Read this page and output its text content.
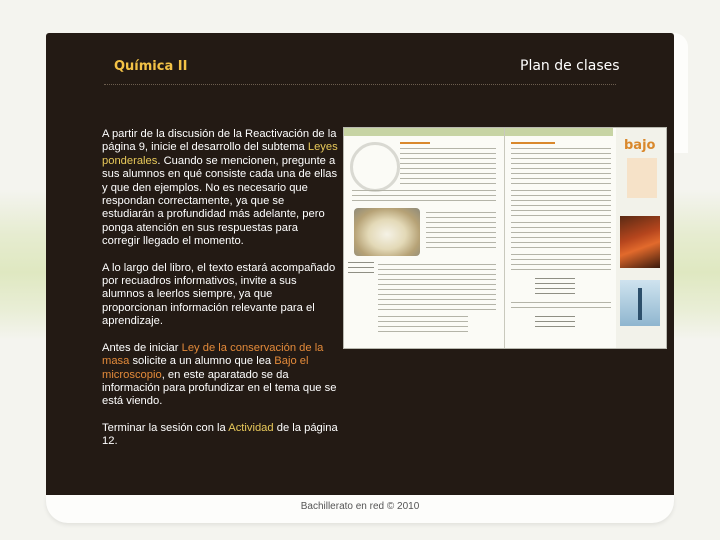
Bachillerato en red © 2010
Química II	Plan de clases

A partir de la discusión de la Reactivación de la página 9, inicie el desarrollo del subtema Leyes ponderales. Cuando se mencionen, pregunte a sus alumnos en qué consiste cada una de ellas y que den ejemplos. No es necesario que respondan correctamente, ya que se estudiarán a profundidad más adelante, pero ponga atención en sus respuestas para corregir llegado el momento.

A lo largo del libro, el texto estará acompañado por recuadros informativos, invite a sus alumnos a leerlos siempre, ya que proporcionan información relevante para el aprendizaje.

Antes de iniciar Ley de la conservación de la masa solicite a un alumno que lea Bajo el microscopio, en este aparatado se da información para profundizar en el tema que se está viendo.

Terminar la sesión con la Actividad de la página 12.

bajo
